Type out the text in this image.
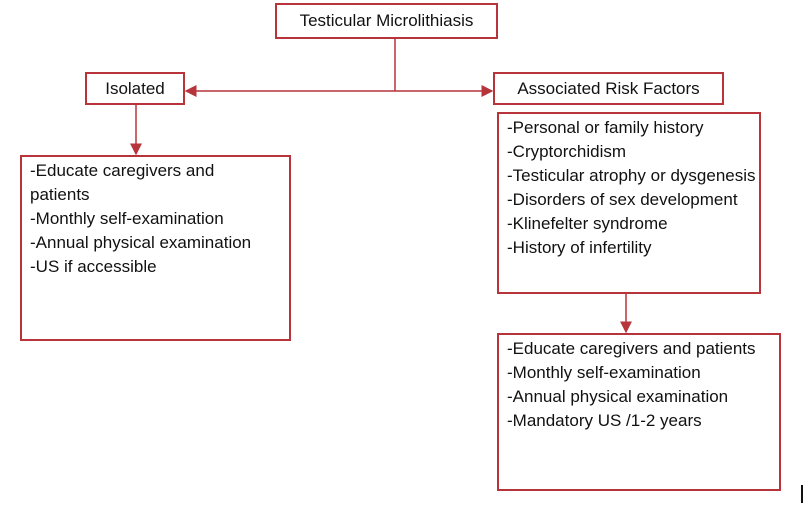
Testicular Microlithiasis
Isolated	Associated Risk Factors
-Educate caregivers and
patients
-Monthly self-examination
-Annual physical examination
-US if accessible
-Personal or family history
-Cryptorchidism
-Testicular atrophy or dysgenesis
-Disorders of sex development
-Klinefelter syndrome
-History of infertility
-Educate caregivers and patients
-Monthly self-examination
-Annual physical examination
-Mandatory US /1-2 years
